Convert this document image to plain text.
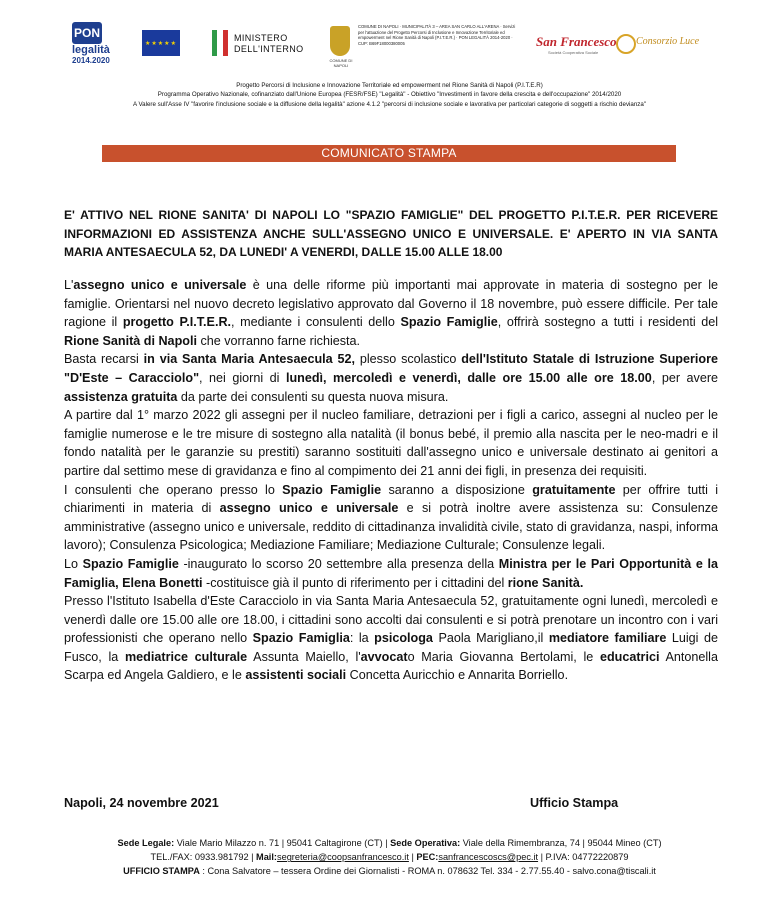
PON
legalità
2014.2020
★★★★★
MINISTERO
DELL'INTERNO
COMUNE DI NAPOLI
COMUNE DI NAPOLI · MUNICIPALITÀ 3 – AREA SAN CARLO ALL'ARENA · Servizi per l'attuazione del Progetto Percorsi di Inclusione e Innovazione Territoriale ed empowerment nel Rione Sanità di Napoli (P.I.T.E.R.) · PON LEGALITÀ 2014-2020 · CUP: B69F18000380005	San Francesco
Società Cooperativa Sociale
Consorzio Luce
Progetto Percorsi di Inclusione e Innovazione Territoriale ed empowerment nel Rione Sanità di Napoli (P.I.T.E.R)
Programma Operativo Nazionale, cofinanziato dall'Unione Europea (FESR/FSE) "Legalità" - Obiettivo "Investimenti in favore della crescita e dell'occupazione" 2014/2020
A Valere sull'Asse IV "favorire l'inclusione sociale e la diffusione della legalità" azione 4.1.2 "percorsi di inclusione sociale e lavorativa per particolari categorie di soggetti a rischio devianza"
COMUNICATO STAMPA
E' ATTIVO NEL RIONE SANITA' DI NAPOLI LO "SPAZIO FAMIGLIE" DEL PROGETTO P.I.T.E.R. PER RICEVERE INFORMAZIONI ED ASSISTENZA ANCHE SULL'ASSEGNO UNICO E UNIVERSALE. E' APERTO IN VIA SANTA MARIA ANTESAECULA 52, DA LUNEDI' A VENERDI, DALLE 15.00 ALLE 18.00

L'assegno unico e universale è una delle riforme più importanti mai approvate in materia di sostegno per le famiglie. Orientarsi nel nuovo decreto legislativo approvato dal Governo il 18 novembre, può essere difficile. Per tale ragione il progetto P.I.T.E.R., mediante i consulenti dello Spazio Famiglie, offrirà sostegno a tutti i residenti del Rione Sanità di Napoli che vorranno farne richiesta.

Basta recarsi in via Santa Maria Antesaecula 52, plesso scolastico dell'Istituto Statale di Istruzione Superiore "D'Este – Caracciolo", nei giorni di lunedì, mercoledì e venerdì, dalle ore 15.00 alle ore 18.00, per avere assistenza gratuita da parte dei consulenti su questa nuova misura.

A partire dal 1° marzo 2022 gli assegni per il nucleo familiare, detrazioni per i figli a carico, assegni al nucleo per le famiglie numerose e le tre misure di sostegno alla natalità (il bonus bebé, il premio alla nascita per le neo-madri e il fondo natalità per le garanzie su prestiti) saranno sostituiti dall'assegno unico e universale destinato ai genitori a partire dal settimo mese di gravidanza e fino al compimento dei 21 anni dei figli, in presenza dei requisiti.

I consulenti che operano presso lo Spazio Famiglie saranno a disposizione gratuitamente per offrire tutti i chiarimenti in materia di assegno unico e universale e si potrà inoltre avere assistenza su: Consulenze amministrative (assegno unico e universale, reddito di cittadinanza invalidità civile, stato di gravidanza, naspi, informa lavoro); Consulenza Psicologica; Mediazione Familiare; Mediazione Culturale; Consulenze legali.

Lo Spazio Famiglie -inaugurato lo scorso 20 settembre alla presenza della Ministra per le Pari Opportunità e la Famiglia, Elena Bonetti -costituisce già il punto di riferimento per i cittadini del rione Sanità.

Presso l'Istituto Isabella d'Este Caracciolo in via Santa Maria Antesaecula 52, gratuitamente ogni lunedì, mercoledì e venerdì dalle ore 15.00 alle ore 18.00, i cittadini sono accolti dai consulenti e si potrà prenotare un incontro con i vari professionisti che operano nello Spazio Famiglia: la psicologa Paola Marigliano,il mediatore familiare Luigi de Fusco, la mediatrice culturale Assunta Maiello, l'avvocato Maria Giovanna Bertolami, le educatrici Antonella Scarpa ed Angela Galdiero, e le assistenti sociali Concetta Auricchio e Annarita Borriello.

Napoli, 24 novembre 2021	Ufficio Stampa
Sede Legale: Viale Mario Milazzo n. 71 | 95041 Caltagirone (CT) | Sede Operativa: Viale della Rimembranza, 74 | 95044 Mineo (CT)
TEL./FAX: 0933.981792 | Mail:segreteria@coopsanfrancesco.it | PEC:sanfrancescoscs@pec.it | P.IVA: 04772220879
UFFICIO STAMPA : Cona Salvatore – tessera Ordine dei Giornalisti - ROMA n. 078632 Tel. 334 - 2.77.55.40 - salvo.cona@tiscali.it
